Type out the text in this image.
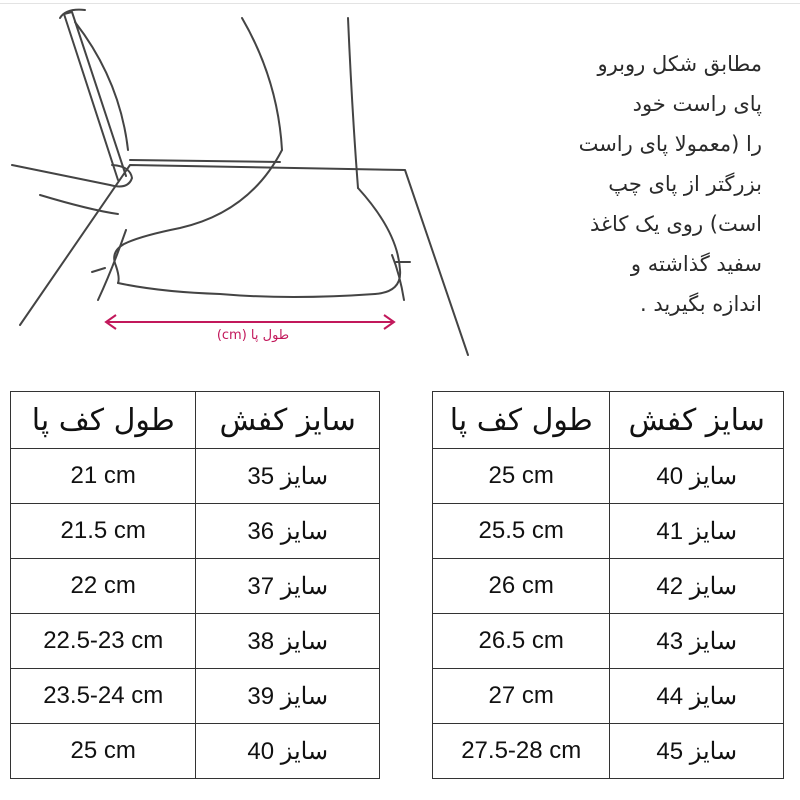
طول پا (cm)
مطابق شکل روبرو
پای راست خود
را (معمولا پای راست
بزرگتر از پای چپ
است) روی یک کاغذ
سفید گذاشته و
اندازه بگیرید .
طول کف پا	سایز کفش
21 cm	سایز 35
21.5 cm	سایز 36
22 cm	سایز 37
22.5-23 cm	سایز 38
23.5-24 cm	سایز 39
25 cm	سایز 40
طول کف پا	سایز کفش
25 cm	سایز 40
25.5 cm	سایز 41
26 cm	سایز 42
26.5 cm	سایز 43
27 cm	سایز 44
27.5-28 cm	سایز 45
